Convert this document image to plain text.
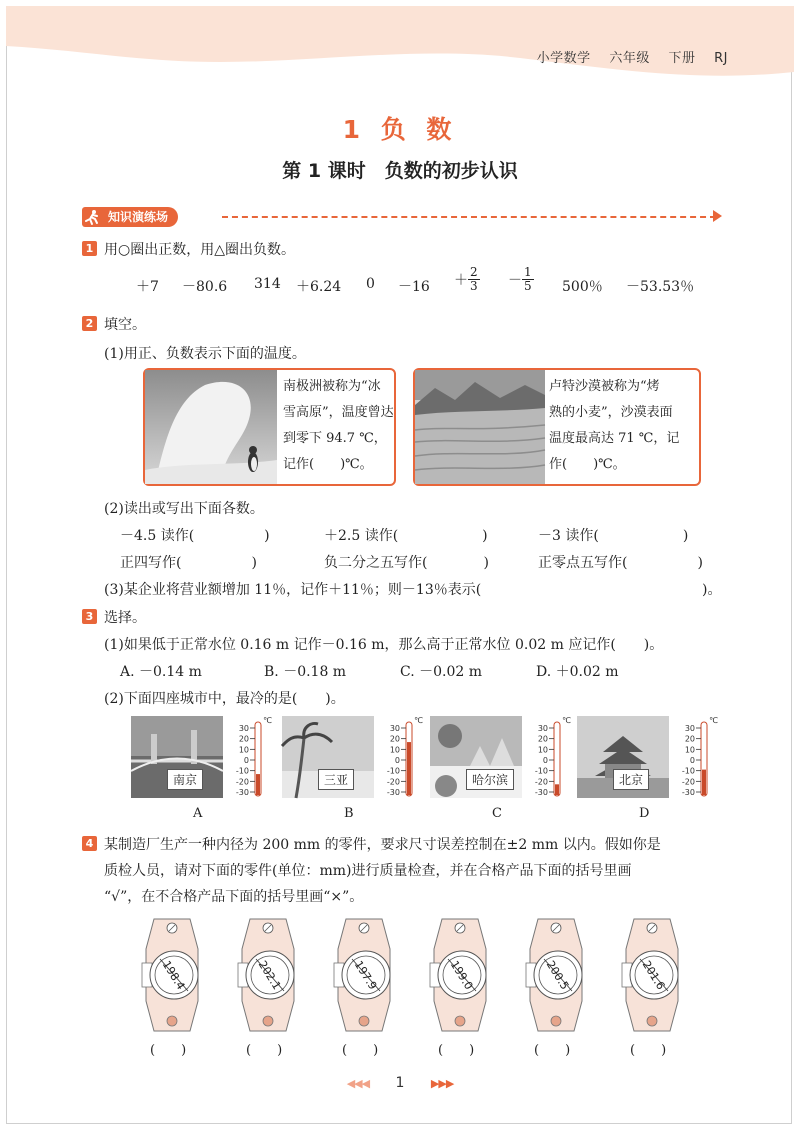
小学数学 六年级 下册 RJ
1 负 数
第 1 课时　负数的初步认识
知识演练场
1 用○圈出正数，用△圈出负数。
＋7 －80.6 314 ＋6.24 $0 -16 + \frac{2}{3} - \frac{1}{5} 500$％ －53.53％
2 填空。
(1)用正、负数表示下面的温度。
南极洲被称为“冰
雪高原”，温度曾达
到零下 94.7 ℃，
记作(　　)℃。
卢特沙漠被称为“烤
熟的小麦”，沙漠表面
温度最高达 71 ℃，记
作(　　)℃。
(2)读出或写出下面各数。
－4.5 读作(　　　　　)	＋2.5 读作(　　　　　　)	－3 读作(　　　　　　)
正四写作(　　　　　)	负二分之五写作(　　　　)	正零点五写作(　　　　　)
(3)某企业将营业额增加 11％，记作＋11％；则－13％表示(	)。
3 选择。
(1)如果低于正常水位 0.16 m 记作－0.16 m，那么高于正常水位 0.02 m 应记作(　　)。
A. －0.14 m	B. －0.18 m	C. －0.02 m	D. ＋0.02 m
(2)下面四座城市中，最冷的是(　　)。
南京
30
20
10
0
-10
-20
-30
℃
A
三亚
30
20
10
0
-10
-20
-30
℃
B
哈尔滨
30
20
10
0
-10
-20
-30
℃
C
北京
30
20
10
0
-10
-20
-30
℃
D
4 某制造厂生产一种内径为 200 mm 的零件，要求尺寸误差控制在±2 mm 以内。假如你是
质检人员，请对下面的零件(单位：mm)进行质量检查，并在合格产品下面的括号里画
“√”，在不合格产品下面的括号里画“×”。
198.4
(　　)
202.1
(　　)
197.9
(　　)
199.0
(　　)
200.5
(　　)
201.6
(　　)
◀◀◀ 1 ▶▶▶
